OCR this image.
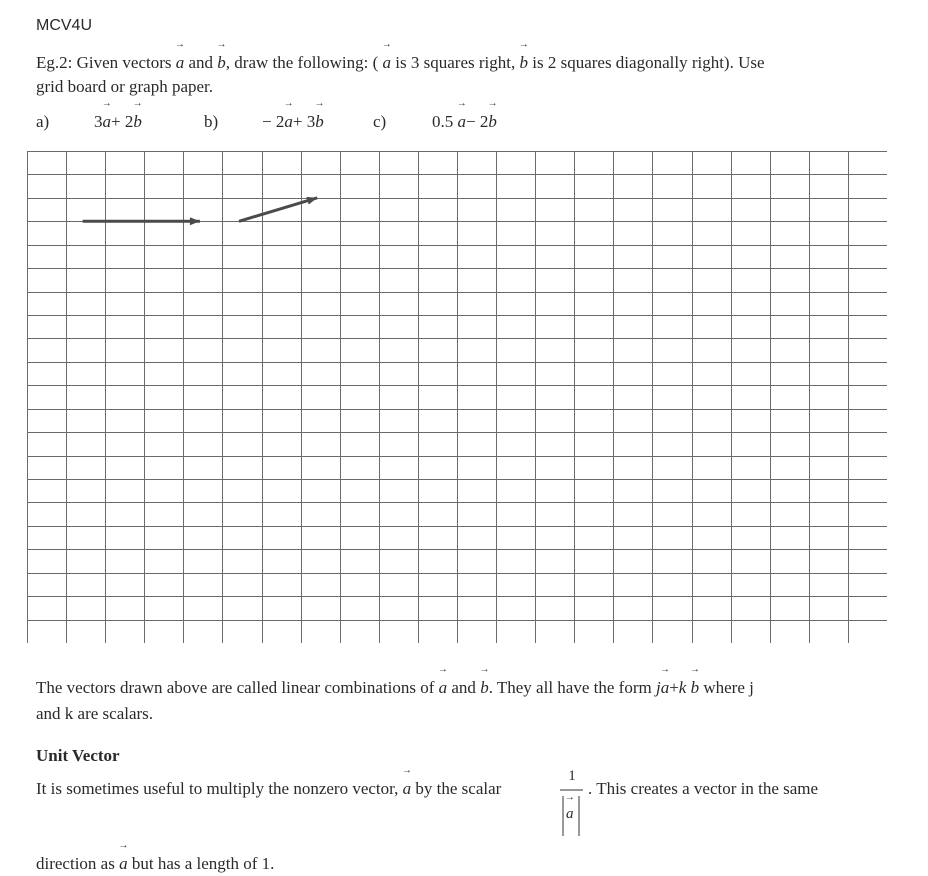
MCV4U
Eg.2: Given vectors
→
a and
→
b, draw the following: (
→
a is 3 squares right,
→
b is 2 squares diagonally right). Use
grid board or graph paper.
a)	3
→
a+ 2
→
b	b)	− 2
→
a+ 3
→
b	c)	0.5
→
a− 2
→
b
The vectors drawn above are called linear combinations of
→
a and
→
b. They all have the form j
→
a+k
→
b where j
and k are scalars.
Unit Vector
It is sometimes useful to multiply the nonzero vector,
→
a by the scalar
1
→
a
. This creates a vector in the same
direction as
→
a but has a length of 1.
